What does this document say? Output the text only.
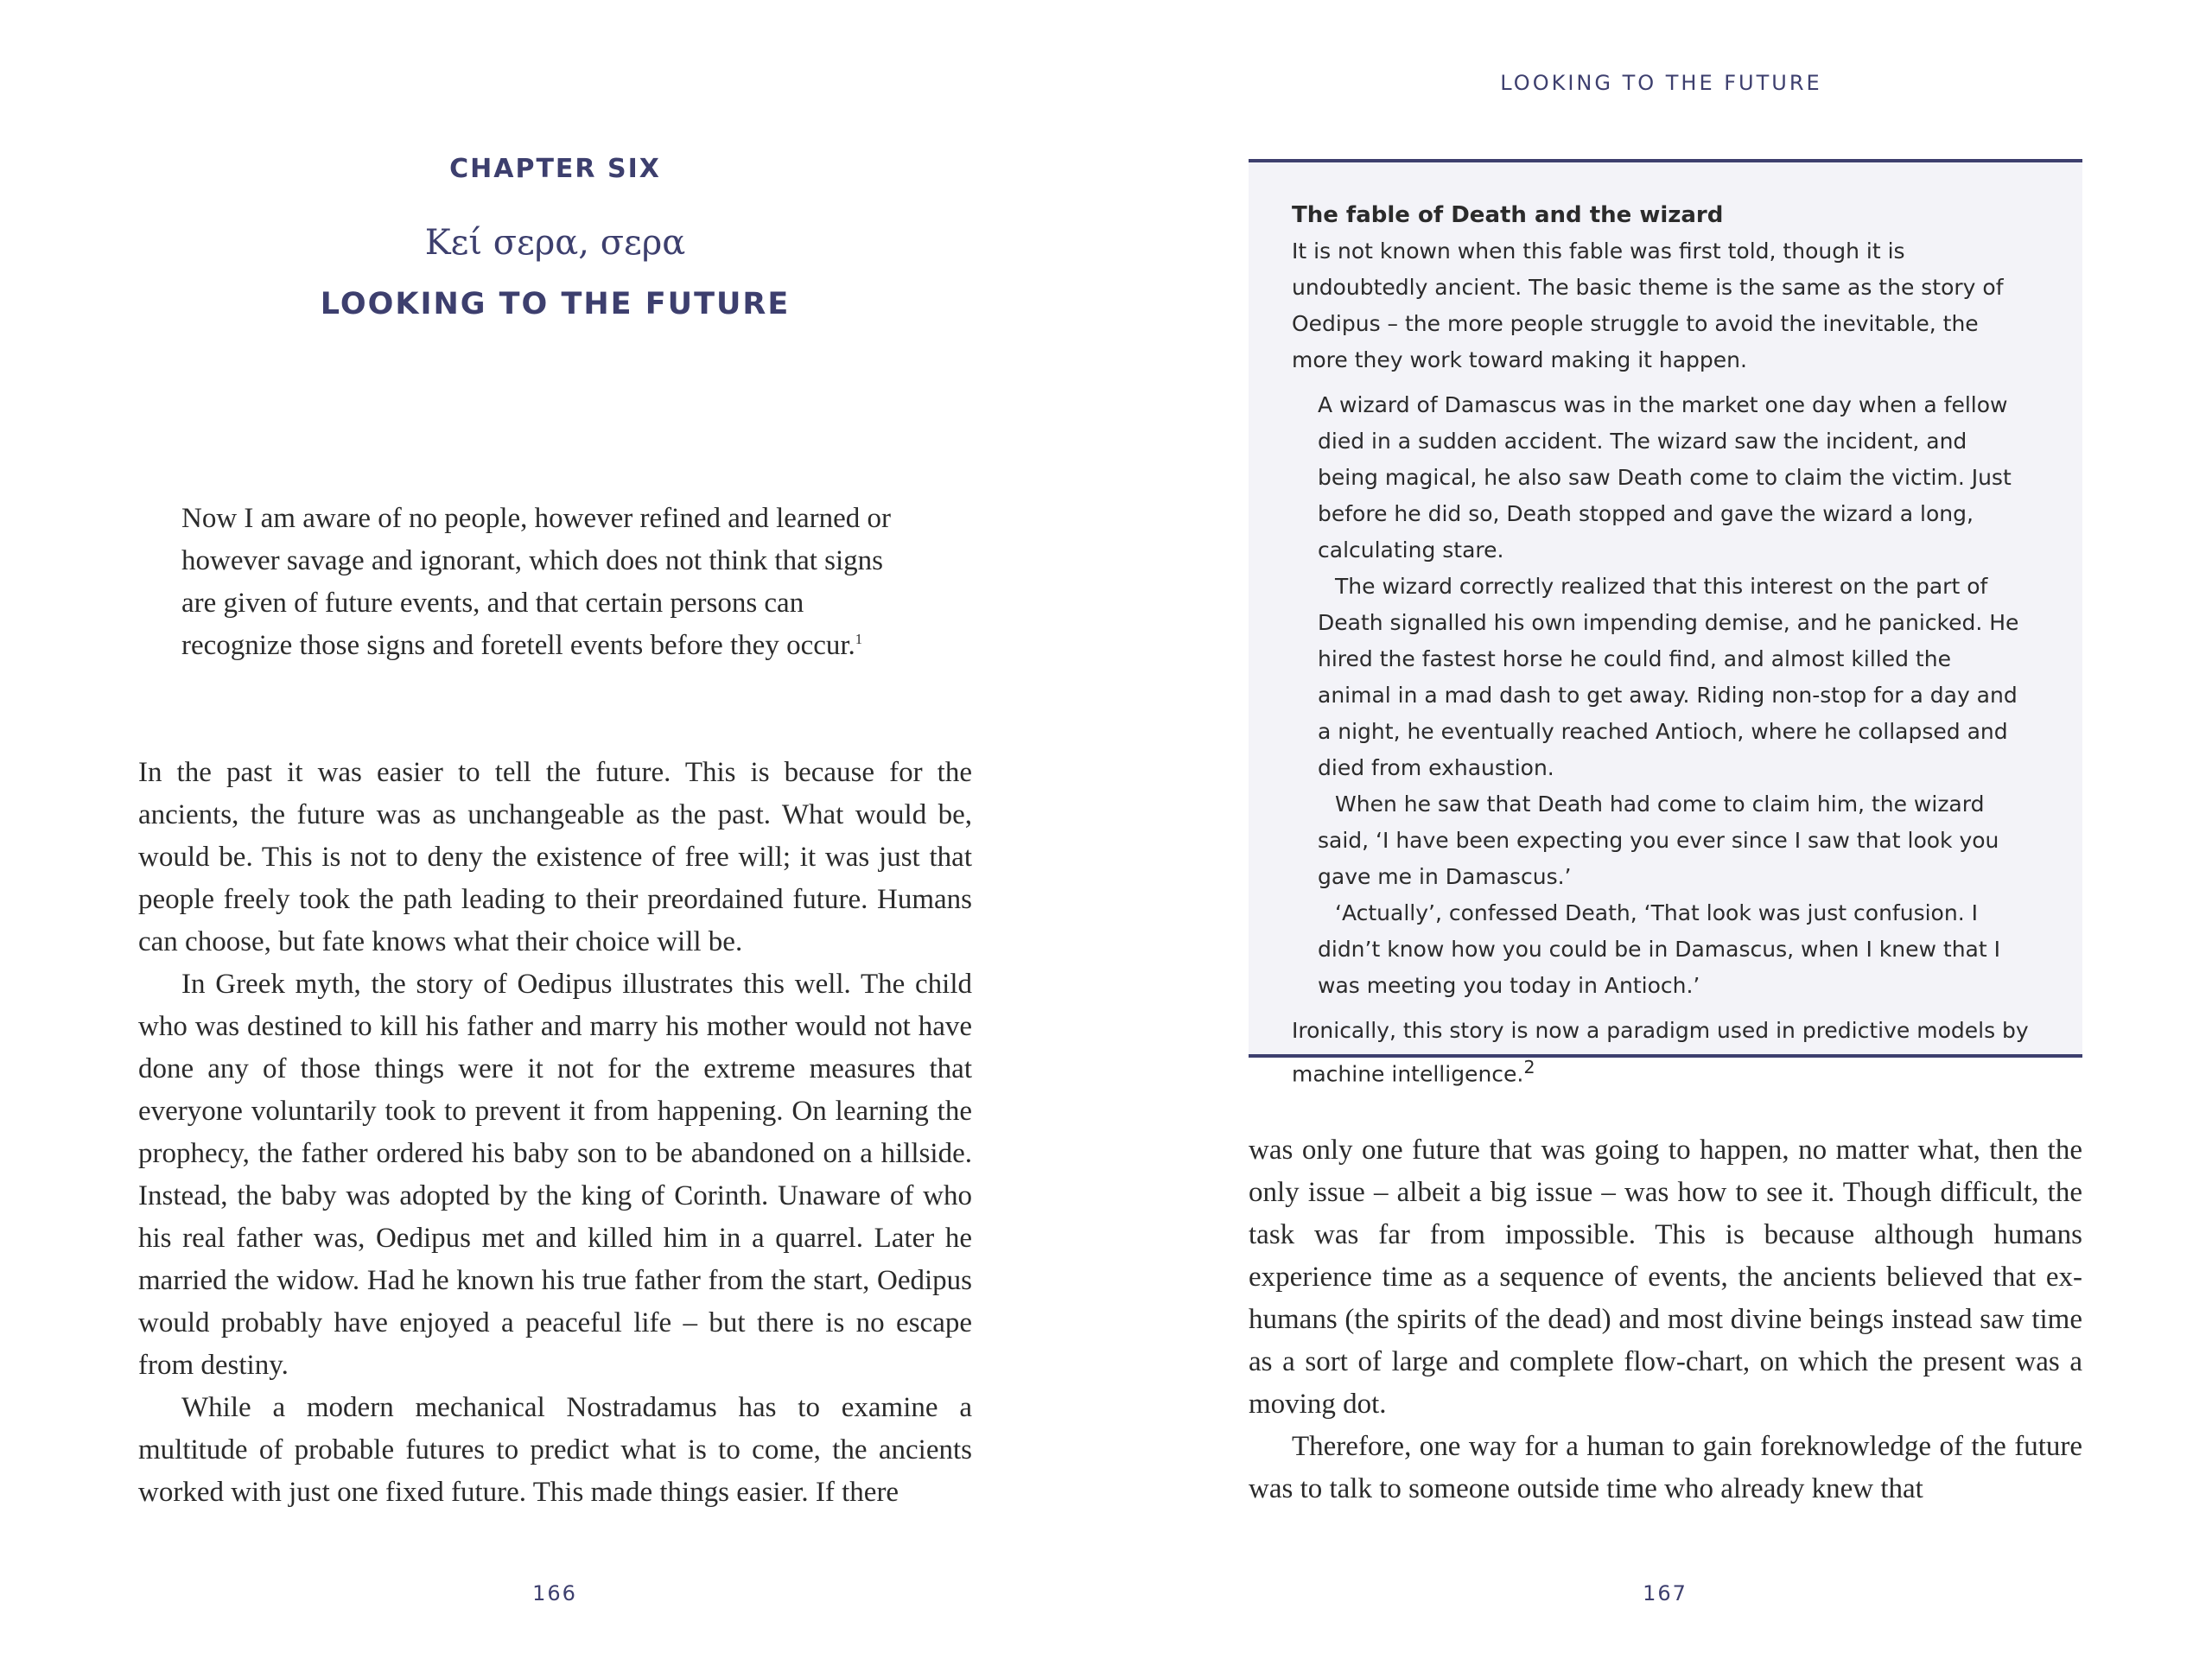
CHAPTER SIX
Κεί σερα, σερα
LOOKING TO THE FUTURE
Now I am aware of no people, however refined and learned or however savage and ignorant, which does not think that signs are given of future events, and that certain persons can recognize those signs and foretell events before they occur.$^1$

In the past it was easier to tell the future. This is because for the ancients, the future was as unchangeable as the past. What would be, would be. This is not to deny the existence of free will; it was just that people freely took the path leading to their preordained future. Humans can choose, but fate knows what their choice will be.

In Greek myth, the story of Oedipus illustrates this well. The child who was destined to kill his father and marry his mother would not have done any of those things were it not for the extreme measures that everyone voluntarily took to prevent it from happening. On learning the prophecy, the father ordered his baby son to be abandoned on a hillside. Instead, the baby was adopted by the king of Corinth. Unaware of who his real father was, Oedipus met and killed him in a quarrel. Later he married the widow. Had he known his true father from the start, Oedipus would probably have enjoyed a peaceful life – but there is no escape from destiny.

While a modern mechanical Nostradamus has to examine a multitude of probable futures to predict what is to come, the ancients worked with just one fixed future. This made things easier. If there

166
LOOKING TO THE FUTURE

The fable of Death and the wizard

It is not known when this fable was first told, though it is undoubtedly ancient. The basic theme is the same as the story of Oedipus – the more people struggle to avoid the inevitable, the more they work toward making it happen.

A wizard of Damascus was in the market one day when a fellow died in a sudden accident. The wizard saw the incident, and being magical, he also saw Death come to claim the victim. Just before he did so, Death stopped and gave the wizard a long, calculating stare.

The wizard correctly realized that this interest on the part of Death signalled his own impending demise, and he panicked. He hired the fastest horse he could find, and almost killed the animal in a mad dash to get away. Riding non-stop for a day and a night, he eventually reached Antioch, where he collapsed and died from exhaustion.

When he saw that Death had come to claim him, the wizard said, ‘I have been expecting you ever since I saw that look you gave me in Damascus.’

‘Actually’, confessed Death, ‘That look was just confusion. I didn’t know how you could be in Damascus, when I knew that I was meeting you today in Antioch.’

Ironically, this story is now a paradigm used in predictive models by machine intelligence.$^2$

was only one future that was going to happen, no matter what, then the only issue – albeit a big issue – was how to see it. Though difficult, the task was far from impossible. This is because although humans experience time as a sequence of events, the ancients believed that ex-humans (the spirits of the dead) and most divine beings instead saw time as a sort of large and complete flow-chart, on which the present was a moving dot.

Therefore, one way for a human to gain foreknowledge of the future was to talk to someone outside time who already knew that

167
